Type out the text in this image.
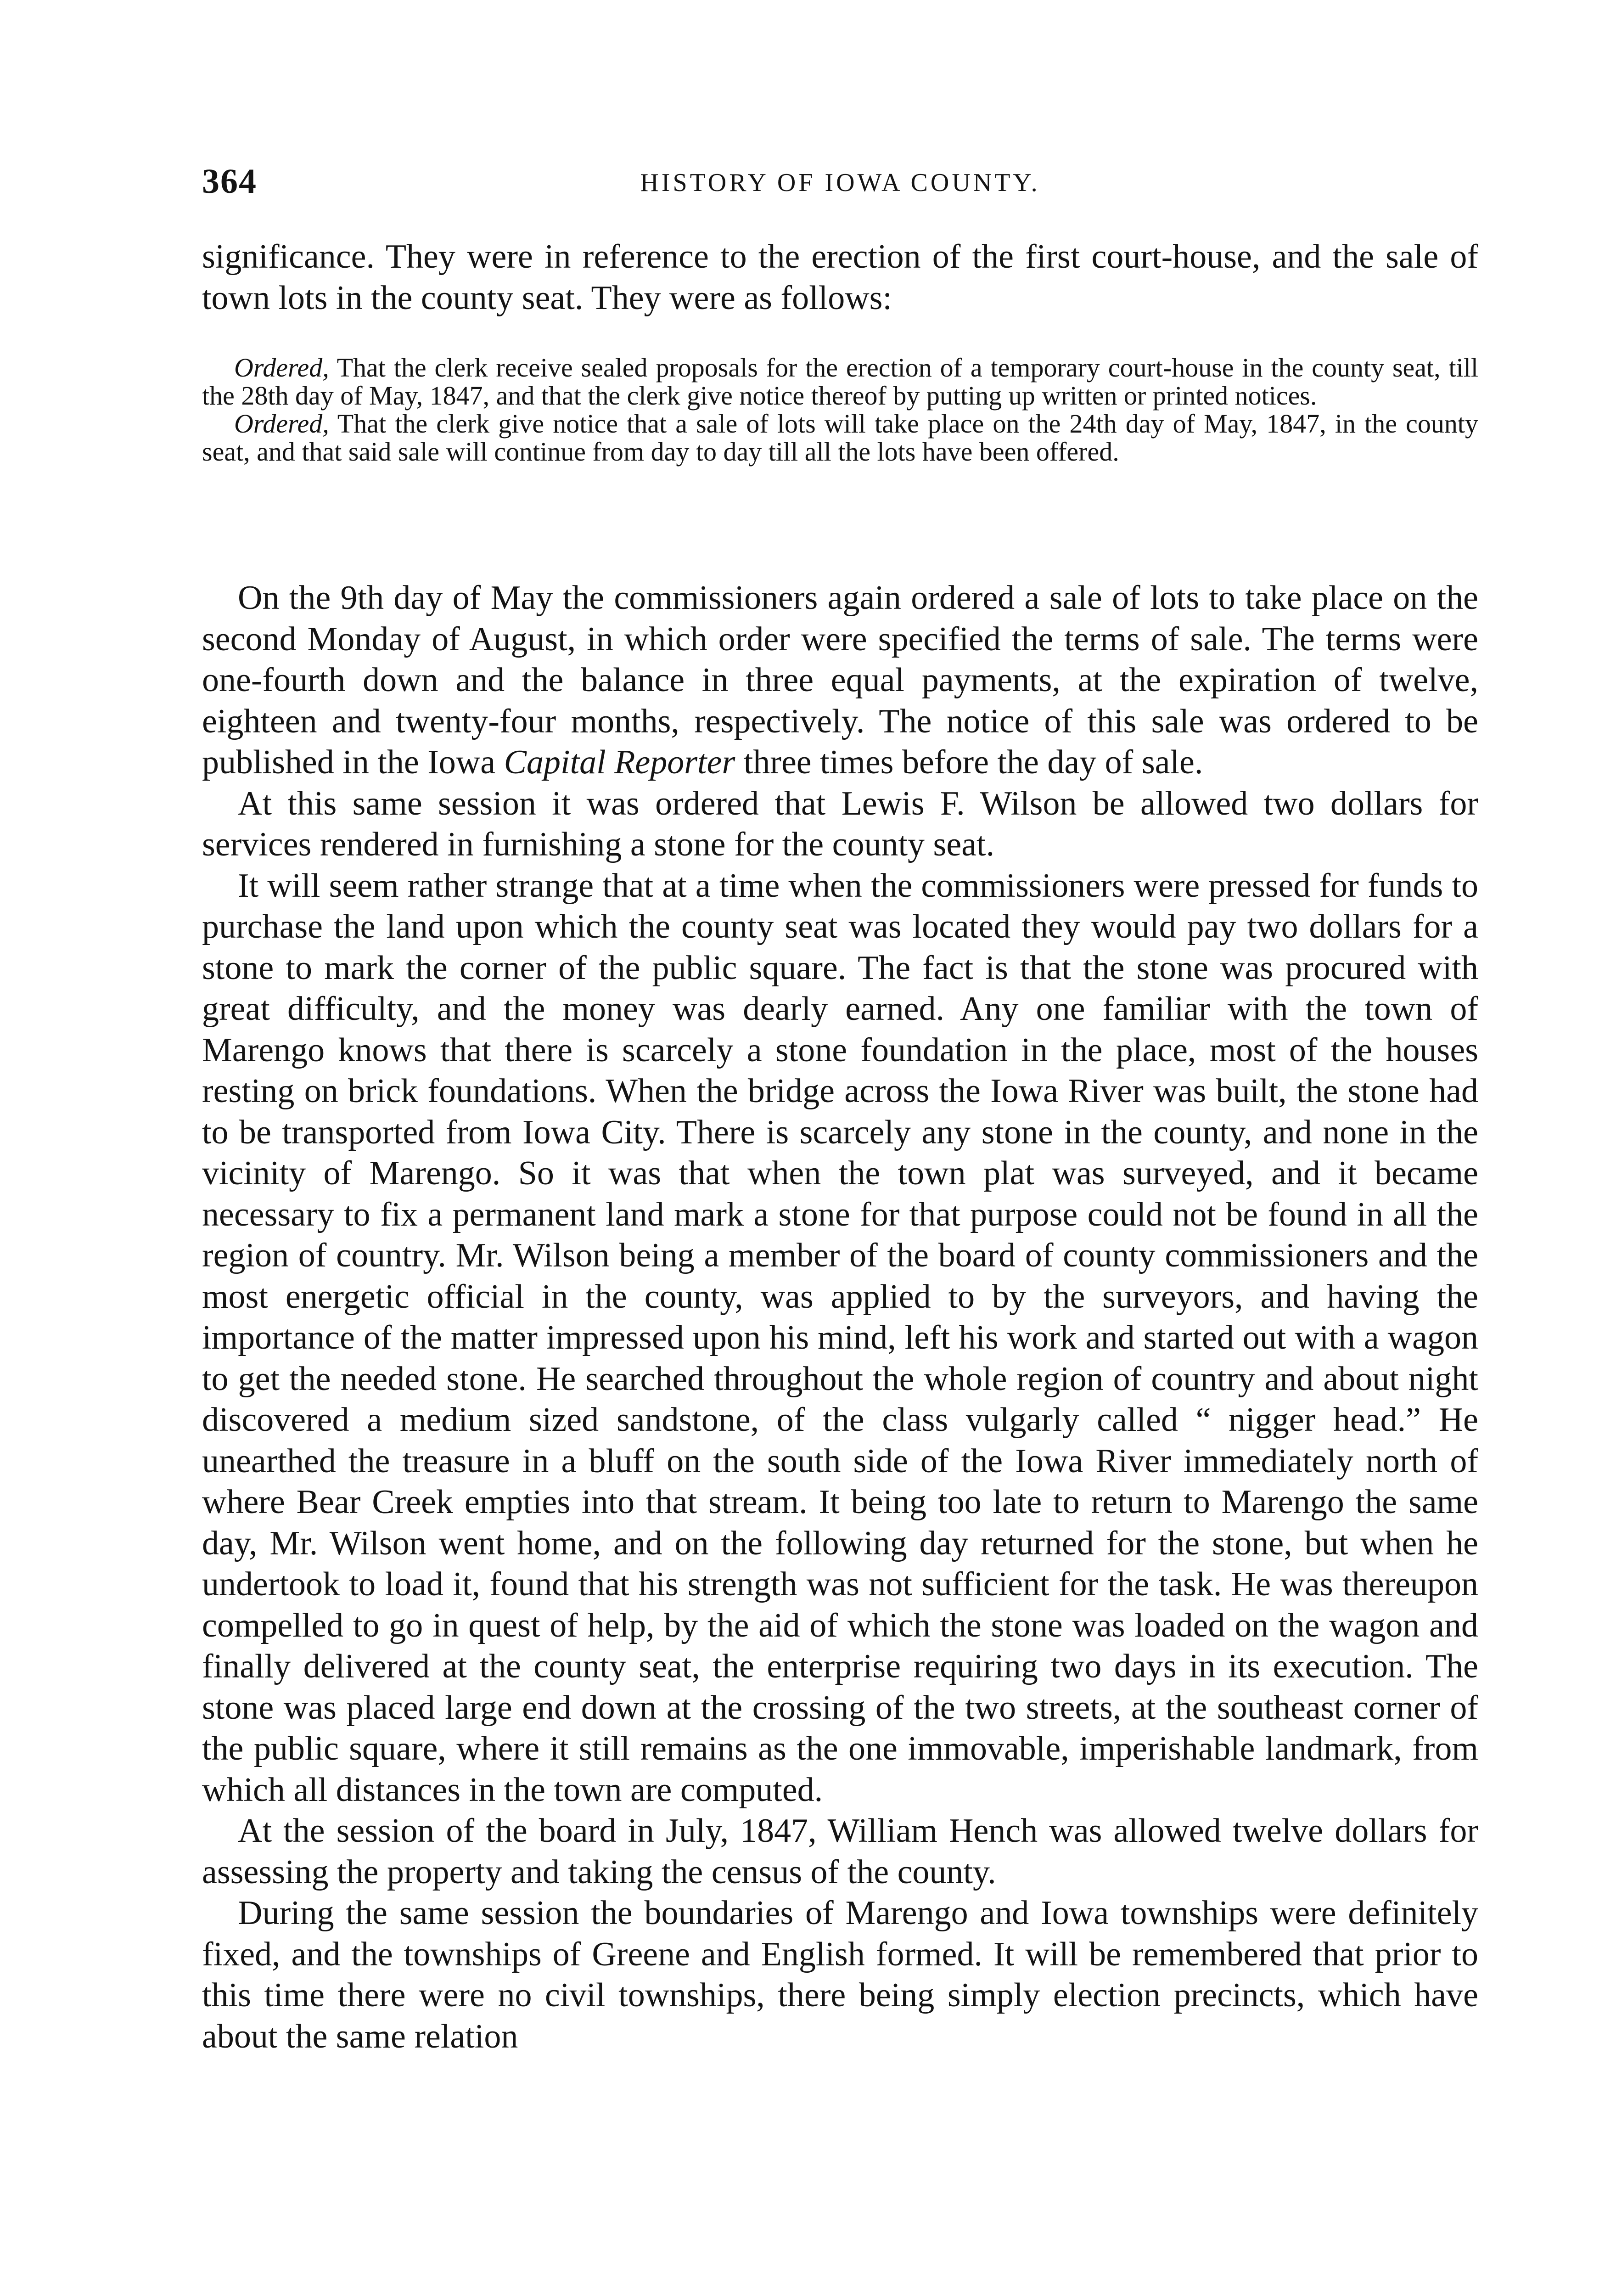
364	HISTORY OF IOWA COUNTY.

significance. They were in reference to the erection of the first court-house, and the sale of town lots in the county seat. They were as follows:

Ordered, That the clerk receive sealed proposals for the erection of a temporary court-house in the county seat, till the 28th day of May, 1847, and that the clerk give notice thereof by putting up written or printed notices.

Ordered, That the clerk give notice that a sale of lots will take place on the 24th day of May, 1847, in the county seat, and that said sale will continue from day to day till all the lots have been offered.

On the 9th day of May the commissioners again ordered a sale of lots to take place on the second Monday of August, in which order were specified the terms of sale. The terms were one-fourth down and the balance in three equal payments, at the expiration of twelve, eighteen and twenty-four months, respectively. The notice of this sale was ordered to be published in the Iowa Capital Reporter three times before the day of sale.

At this same session it was ordered that Lewis F. Wilson be allowed two dollars for services rendered in furnishing a stone for the county seat.

It will seem rather strange that at a time when the commissioners were pressed for funds to purchase the land upon which the county seat was located they would pay two dollars for a stone to mark the corner of the public square. The fact is that the stone was procured with great difficulty, and the money was dearly earned. Any one familiar with the town of Marengo knows that there is scarcely a stone foundation in the place, most of the houses resting on brick foundations. When the bridge across the Iowa River was built, the stone had to be transported from Iowa City. There is scarcely any stone in the county, and none in the vicinity of Marengo. So it was that when the town plat was surveyed, and it became necessary to fix a permanent land mark a stone for that purpose could not be found in all the region of country. Mr. Wilson being a member of the board of county commissioners and the most energetic official in the county, was applied to by the surveyors, and having the importance of the matter impressed upon his mind, left his work and started out with a wagon to get the needed stone. He searched throughout the whole region of country and about night discovered a medium sized sandstone, of the class vulgarly called “ nigger head.” He unearthed the treasure in a bluff on the south side of the Iowa River immediately north of where Bear Creek empties into that stream. It being too late to return to Marengo the same day, Mr. Wilson went home, and on the following day returned for the stone, but when he undertook to load it, found that his strength was not sufficient for the task. He was thereupon compelled to go in quest of help, by the aid of which the stone was loaded on the wagon and finally delivered at the county seat, the enterprise requiring two days in its execution. The stone was placed large end down at the crossing of the two streets, at the southeast corner of the public square, where it still remains as the one immovable, imperishable landmark, from which all distances in the town are computed.

At the session of the board in July, 1847, William Hench was allowed twelve dollars for assessing the property and taking the census of the county.

During the same session the boundaries of Marengo and Iowa townships were definitely fixed, and the townships of Greene and English formed. It will be remembered that prior to this time there were no civil townships, there being simply election precincts, which have about the same relation
